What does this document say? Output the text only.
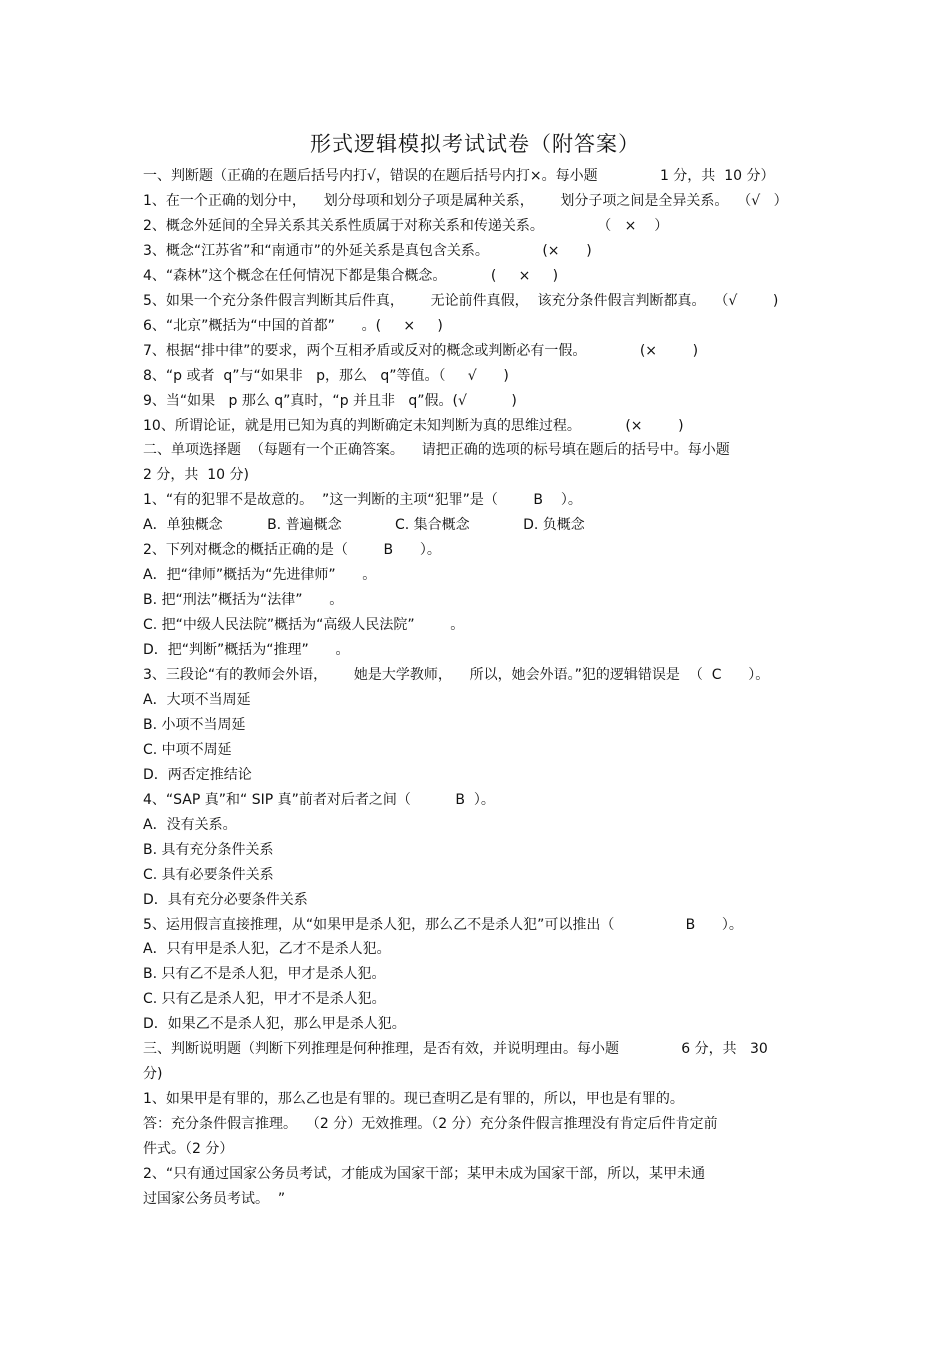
形式逻辑模拟考试试卷（附答案）
一、判断题（正确的在题后括号内打√，错误的在题后括号内打×。每小题              1 分，共  10 分）
1、在一个正确的划分中，    划分母项和划分子项是属种关系，      划分子项之间是全异关系。  （√   ）
2、概念外延间的全异关系其关系性质属于对称关系和传递关系。            （   ×    ）
3、概念“江苏省”和“南通市”的外延关系是真包含关系。            (×      )
4、“森林”这个概念在任何情况下都是集合概念。          (     ×     )
5、如果一个充分条件假言判断其后件真，      无论前件真假，  该充分条件假言判断都真。  （√        )
6、“北京”概括为“中国的首都”      。(     ×     )
7、根据“排中律”的要求，两个互相矛盾或反对的概念或判断必有一假。            (×        )
8、“p 或者  q”与“如果非   p，那么   q”等值。（     √      )
9、当“如果   p 那么 q”真时，“p 并且非   q”假。(√          )
10、所谓论证，就是用已知为真的判断确定未知判断为真的思维过程。          (×        )
二、单项选择题  （每题有一个正确答案。    请把正确的选项的标号填在题后的括号中。每小题
2 分，共  10 分)
1、“有的犯罪不是故意的。  ”这一判断的主项“犯罪”是（        B    ）。
A．单独概念          B. 普遍概念            C. 集合概念            D. 负概念
2、下列对概念的概括正确的是（        B      ）。
A．把“律师”概括为“先进律师”      。
B. 把“刑法”概括为“法律”      。
C. 把“中级人民法院”概括为“高级人民法院”        。
D．把“判断”概括为“推理”      。
3、三段论“有的教师会外语，      她是大学教师，    所以，她会外语。”犯的逻辑错误是  （  C      ）。
A．大项不当周延
B. 小项不当周延
C. 中项不周延
D．两否定推结论
4、“SAP 真”和“ SIP 真”前者对后者之间（          B  ）。
A．没有关系。
B. 具有充分条件关系
C. 具有必要条件关系
D．具有充分必要条件关系
5、运用假言直接推理，从“如果甲是杀人犯，那么乙不是杀人犯”可以推出（                B      ）。
A．只有甲是杀人犯，乙才不是杀人犯。
B. 只有乙不是杀人犯，甲才是杀人犯。
C. 只有乙是杀人犯，甲才不是杀人犯。
D．如果乙不是杀人犯，那么甲是杀人犯。
三、判断说明题（判断下列推理是何种推理，是否有效，并说明理由。每小题              6 分，共   30
分)
1、如果甲是有罪的，那么乙也是有罪的。现已查明乙是有罪的，所以，甲也是有罪的。
答：充分条件假言推理。  （2 分）无效推理。（2 分）充分条件假言推理没有肯定后件肯定前
件式。（2 分）
2、“只有通过国家公务员考试，才能成为国家干部；某甲未成为国家干部，所以，某甲未通
过国家公务员考试。  ”
